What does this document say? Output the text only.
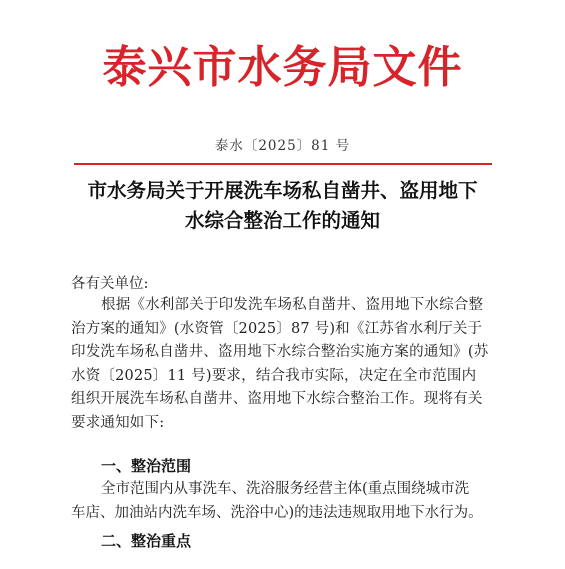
泰兴市水务局文件
泰水〔2025〕81 号
市水务局关于开展洗车场私自凿井、盗用地下
水综合整治工作的通知
各有关单位:
根据《水利部关于印发洗车场私自凿井、盗用地下水综合整
治方案的通知》(水资管〔2025〕87 号)和《江苏省水利厅关于
印发洗车场私自凿井、盗用地下水综合整治实施方案的通知》(苏
水资〔2025〕11 号)要求，结合我市实际，决定在全市范围内
组织开展洗车场私自凿井、盗用地下水综合整治工作。现将有关
要求通知如下:
一、整治范围
全市范围内从事洗车、洗浴服务经营主体(重点围绕城市洗
车店、加油站内洗车场、洗浴中心)的违法违规取用地下水行为。
二、整治重点
